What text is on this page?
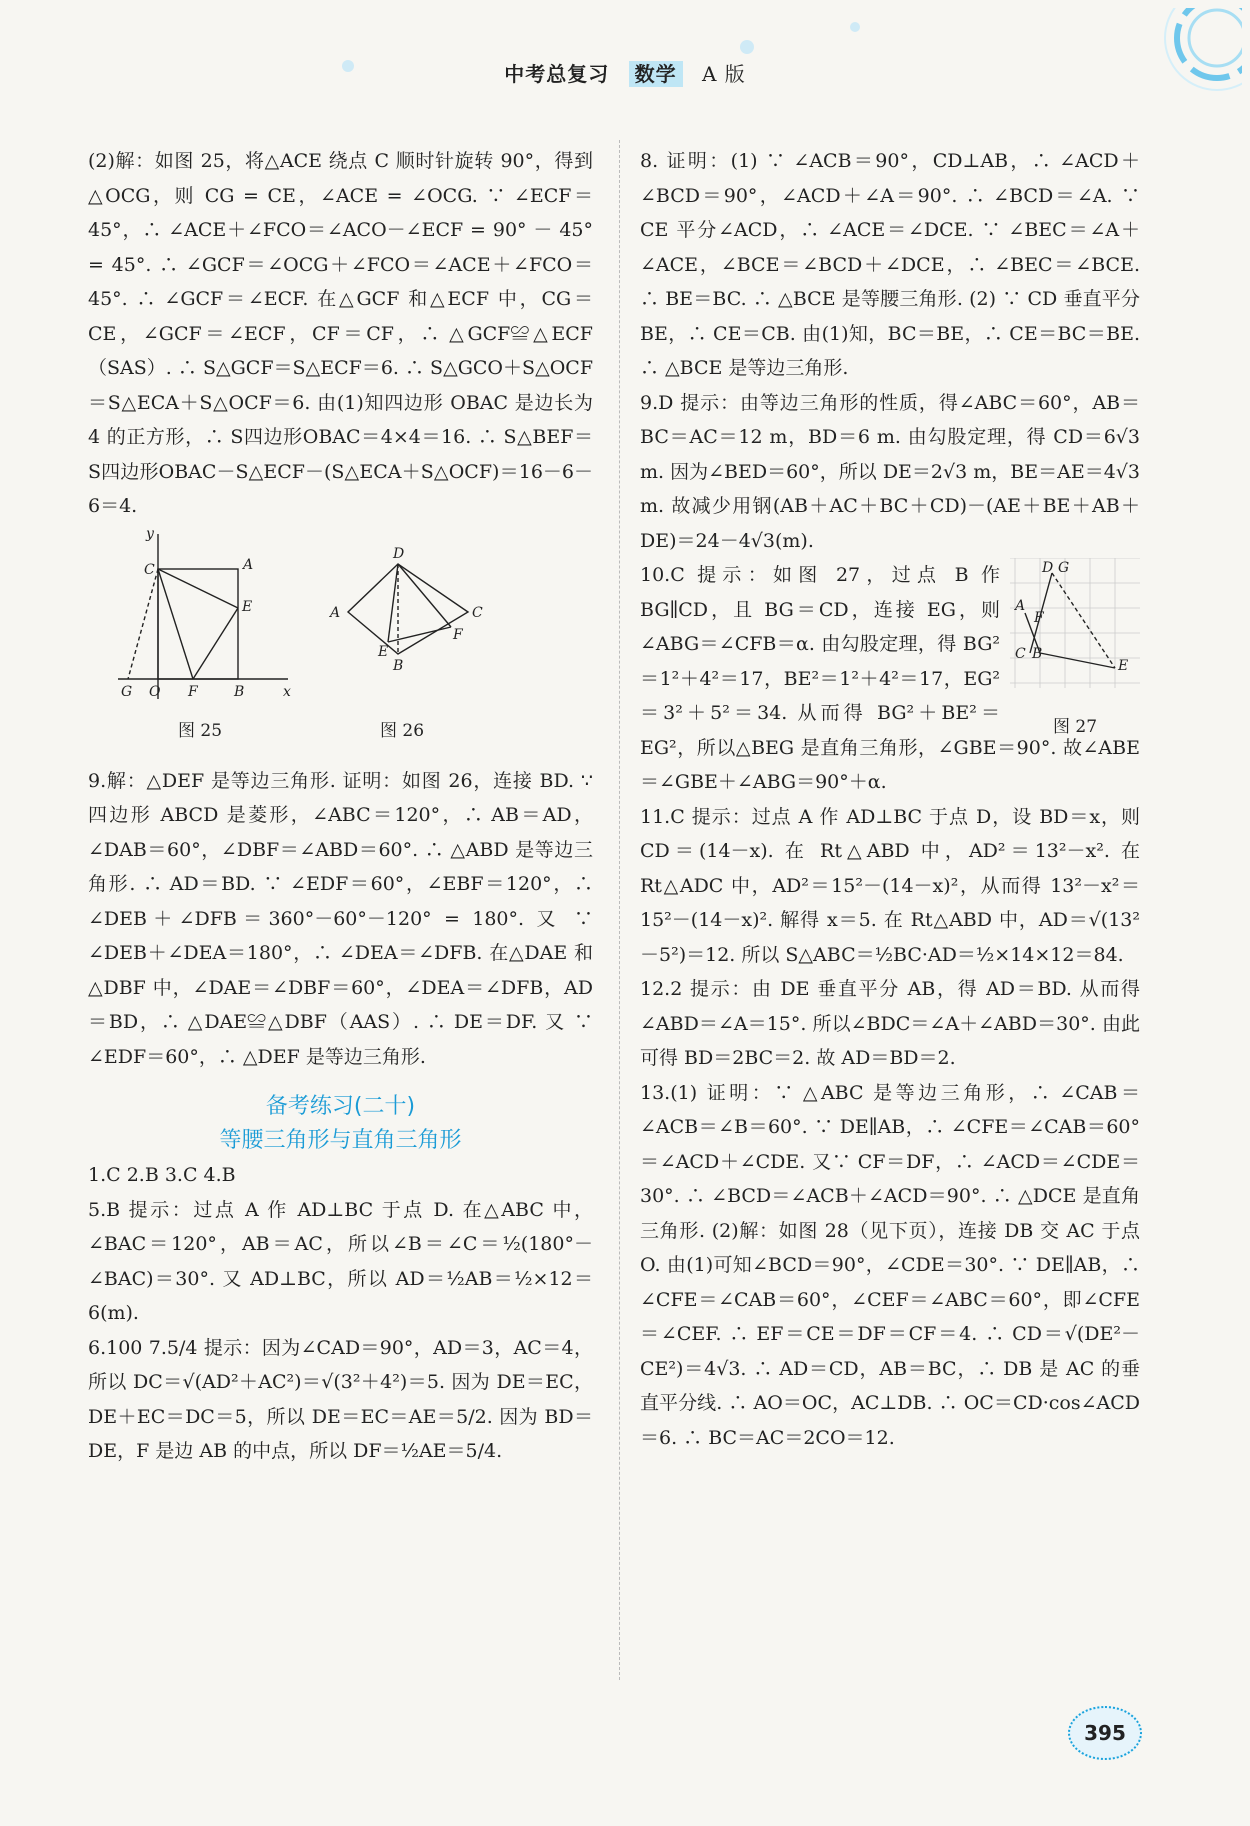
中考总复习 数学 A 版

(2)解：如图 25，将△ACE 绕点 C 顺时针旋转 90°，得到△OCG，则 CG = CE，∠ACE = ∠OCG. ∵ ∠ECF＝45°，∴ ∠ACE＋∠FCO＝∠ACO－∠ECF = 90° － 45° = 45°. ∴ ∠GCF＝∠OCG＋∠FCO＝∠ACE＋∠FCO＝45°. ∴ ∠GCF＝∠ECF. 在△GCF 和△ECF 中，CG＝CE，∠GCF＝∠ECF，CF＝CF，∴ △GCF≌△ECF（SAS）. ∴ S△GCF＝S△ECF＝6. ∴ S△GCO＋S△OCF＝S△ECA＋S△OCF＝6. 由(1)知四边形 OBAC 是边长为 4 的正方形，∴ S四边形OBAC＝4×4＝16. ∴ S△BEF＝S四边形OBAC－S△ECF－(S△ECA＋S△OCF)＝16－6－6＝4.

y
C	A
E
G O F	B	x
D
A	C
F
E
B
图 25	图 26

9.解：△DEF 是等边三角形. 证明：如图 26，连接 BD. ∵ 四边形 ABCD 是菱形，∠ABC＝120°，∴ AB＝AD，∠DAB＝60°，∠DBF＝∠ABD＝60°. ∴ △ABD 是等边三角形. ∴ AD＝BD. ∵ ∠EDF＝60°，∠EBF＝120°，∴ ∠DEB＋∠DFB＝360°－60°－120° = 180°. 又 ∵ ∠DEB＋∠DEA＝180°，∴ ∠DEA＝∠DFB. 在△DAE 和△DBF 中，∠DAE＝∠DBF＝60°，∠DEA＝∠DFB，AD＝BD，∴ △DAE≌△DBF（AAS）. ∴ DE＝DF. 又 ∵ ∠EDF＝60°，∴ △DEF 是等边三角形.

备考练习(二十)
等腰三角形与直角三角形

1.C 2.B 3.C 4.B

5.B 提示：过点 A 作 AD⊥BC 于点 D. 在△ABC 中，∠BAC＝120°，AB＝AC，所以∠B＝∠C＝½(180°－∠BAC)＝30°. 又 AD⊥BC，所以 AD＝½AB＝½×12＝6(m).

6.100 7.5/4 提示：因为∠CAD＝90°，AD＝3，AC＝4，所以 DC＝√(AD²＋AC²)＝√(3²＋4²)＝5. 因为 DE＝EC，DE＋EC＝DC＝5，所以 DE＝EC＝AE＝5/2. 因为 BD＝DE，F 是边 AB 的中点，所以 DF＝½AE＝5/4.

8. 证明：(1) ∵ ∠ACB＝90°，CD⊥AB，∴ ∠ACD＋∠BCD＝90°，∠ACD＋∠A＝90°. ∴ ∠BCD＝∠A. ∵ CE 平分∠ACD，∴ ∠ACE＝∠DCE. ∵ ∠BEC＝∠A＋∠ACE，∠BCE＝∠BCD＋∠DCE，∴ ∠BEC＝∠BCE. ∴ BE＝BC. ∴ △BCE 是等腰三角形. (2) ∵ CD 垂直平分 BE，∴ CE＝CB. 由(1)知，BC＝BE，∴ CE＝BC＝BE. ∴ △BCE 是等边三角形.

9.D 提示：由等边三角形的性质，得∠ABC＝60°，AB＝BC＝AC＝12 m，BD＝6 m. 由勾股定理，得 CD＝6√3 m. 因为∠BED＝60°，所以 DE＝2√3 m，BE＝AE＝4√3 m. 故减少用钢(AB＋AC＋BC＋CD)－(AE＋BE＋AB＋DE)＝24－4√3(m).

D G
A
F
C B
E
图 27

10.C 提示：如图 27，过点 B 作 BG∥CD，且 BG＝CD，连接 EG，则∠ABG＝∠CFB＝α. 由勾股定理，得 BG²＝1²＋4²＝17，BE²＝1²＋4²＝17，EG²＝3²＋5²＝34. 从而得 BG²＋BE²＝EG²，所以△BEG 是直角三角形，∠GBE＝90°. 故∠ABE＝∠GBE＋∠ABG＝90°＋α.

11.C 提示：过点 A 作 AD⊥BC 于点 D，设 BD＝x，则 CD＝(14－x). 在 Rt△ABD 中，AD²＝13²－x². 在 Rt△ADC 中，AD²＝15²－(14－x)²，从而得 13²－x²＝15²－(14－x)². 解得 x＝5. 在 Rt△ABD 中，AD＝√(13²－5²)＝12. 所以 S△ABC＝½BC·AD＝½×14×12＝84.

12.2 提示：由 DE 垂直平分 AB，得 AD＝BD. 从而得∠ABD＝∠A＝15°. 所以∠BDC＝∠A＋∠ABD＝30°. 由此可得 BD＝2BC＝2. 故 AD＝BD＝2.

13.(1) 证明：∵ △ABC 是等边三角形，∴ ∠CAB＝∠ACB＝∠B＝60°. ∵ DE∥AB，∴ ∠CFE＝∠CAB＝60°＝∠ACD＋∠CDE. 又∵ CF＝DF，∴ ∠ACD＝∠CDE＝30°. ∴ ∠BCD＝∠ACB＋∠ACD＝90°. ∴ △DCE 是直角三角形. (2)解：如图 28（见下页），连接 DB 交 AC 于点 O. 由(1)可知∠BCD＝90°，∠CDE＝30°. ∵ DE∥AB，∴ ∠CFE＝∠CAB＝60°，∠CEF＝∠ABC＝60°，即∠CFE＝∠CEF. ∴ EF＝CE＝DF＝CF＝4. ∴ CD＝√(DE²－CE²)＝4√3. ∴ AD＝CD，AB＝BC，∴ DB 是 AC 的垂直平分线. ∴ AO＝OC，AC⊥DB. ∴ OC＝CD·cos∠ACD＝6. ∴ BC＝AC＝2CO＝12.

395
